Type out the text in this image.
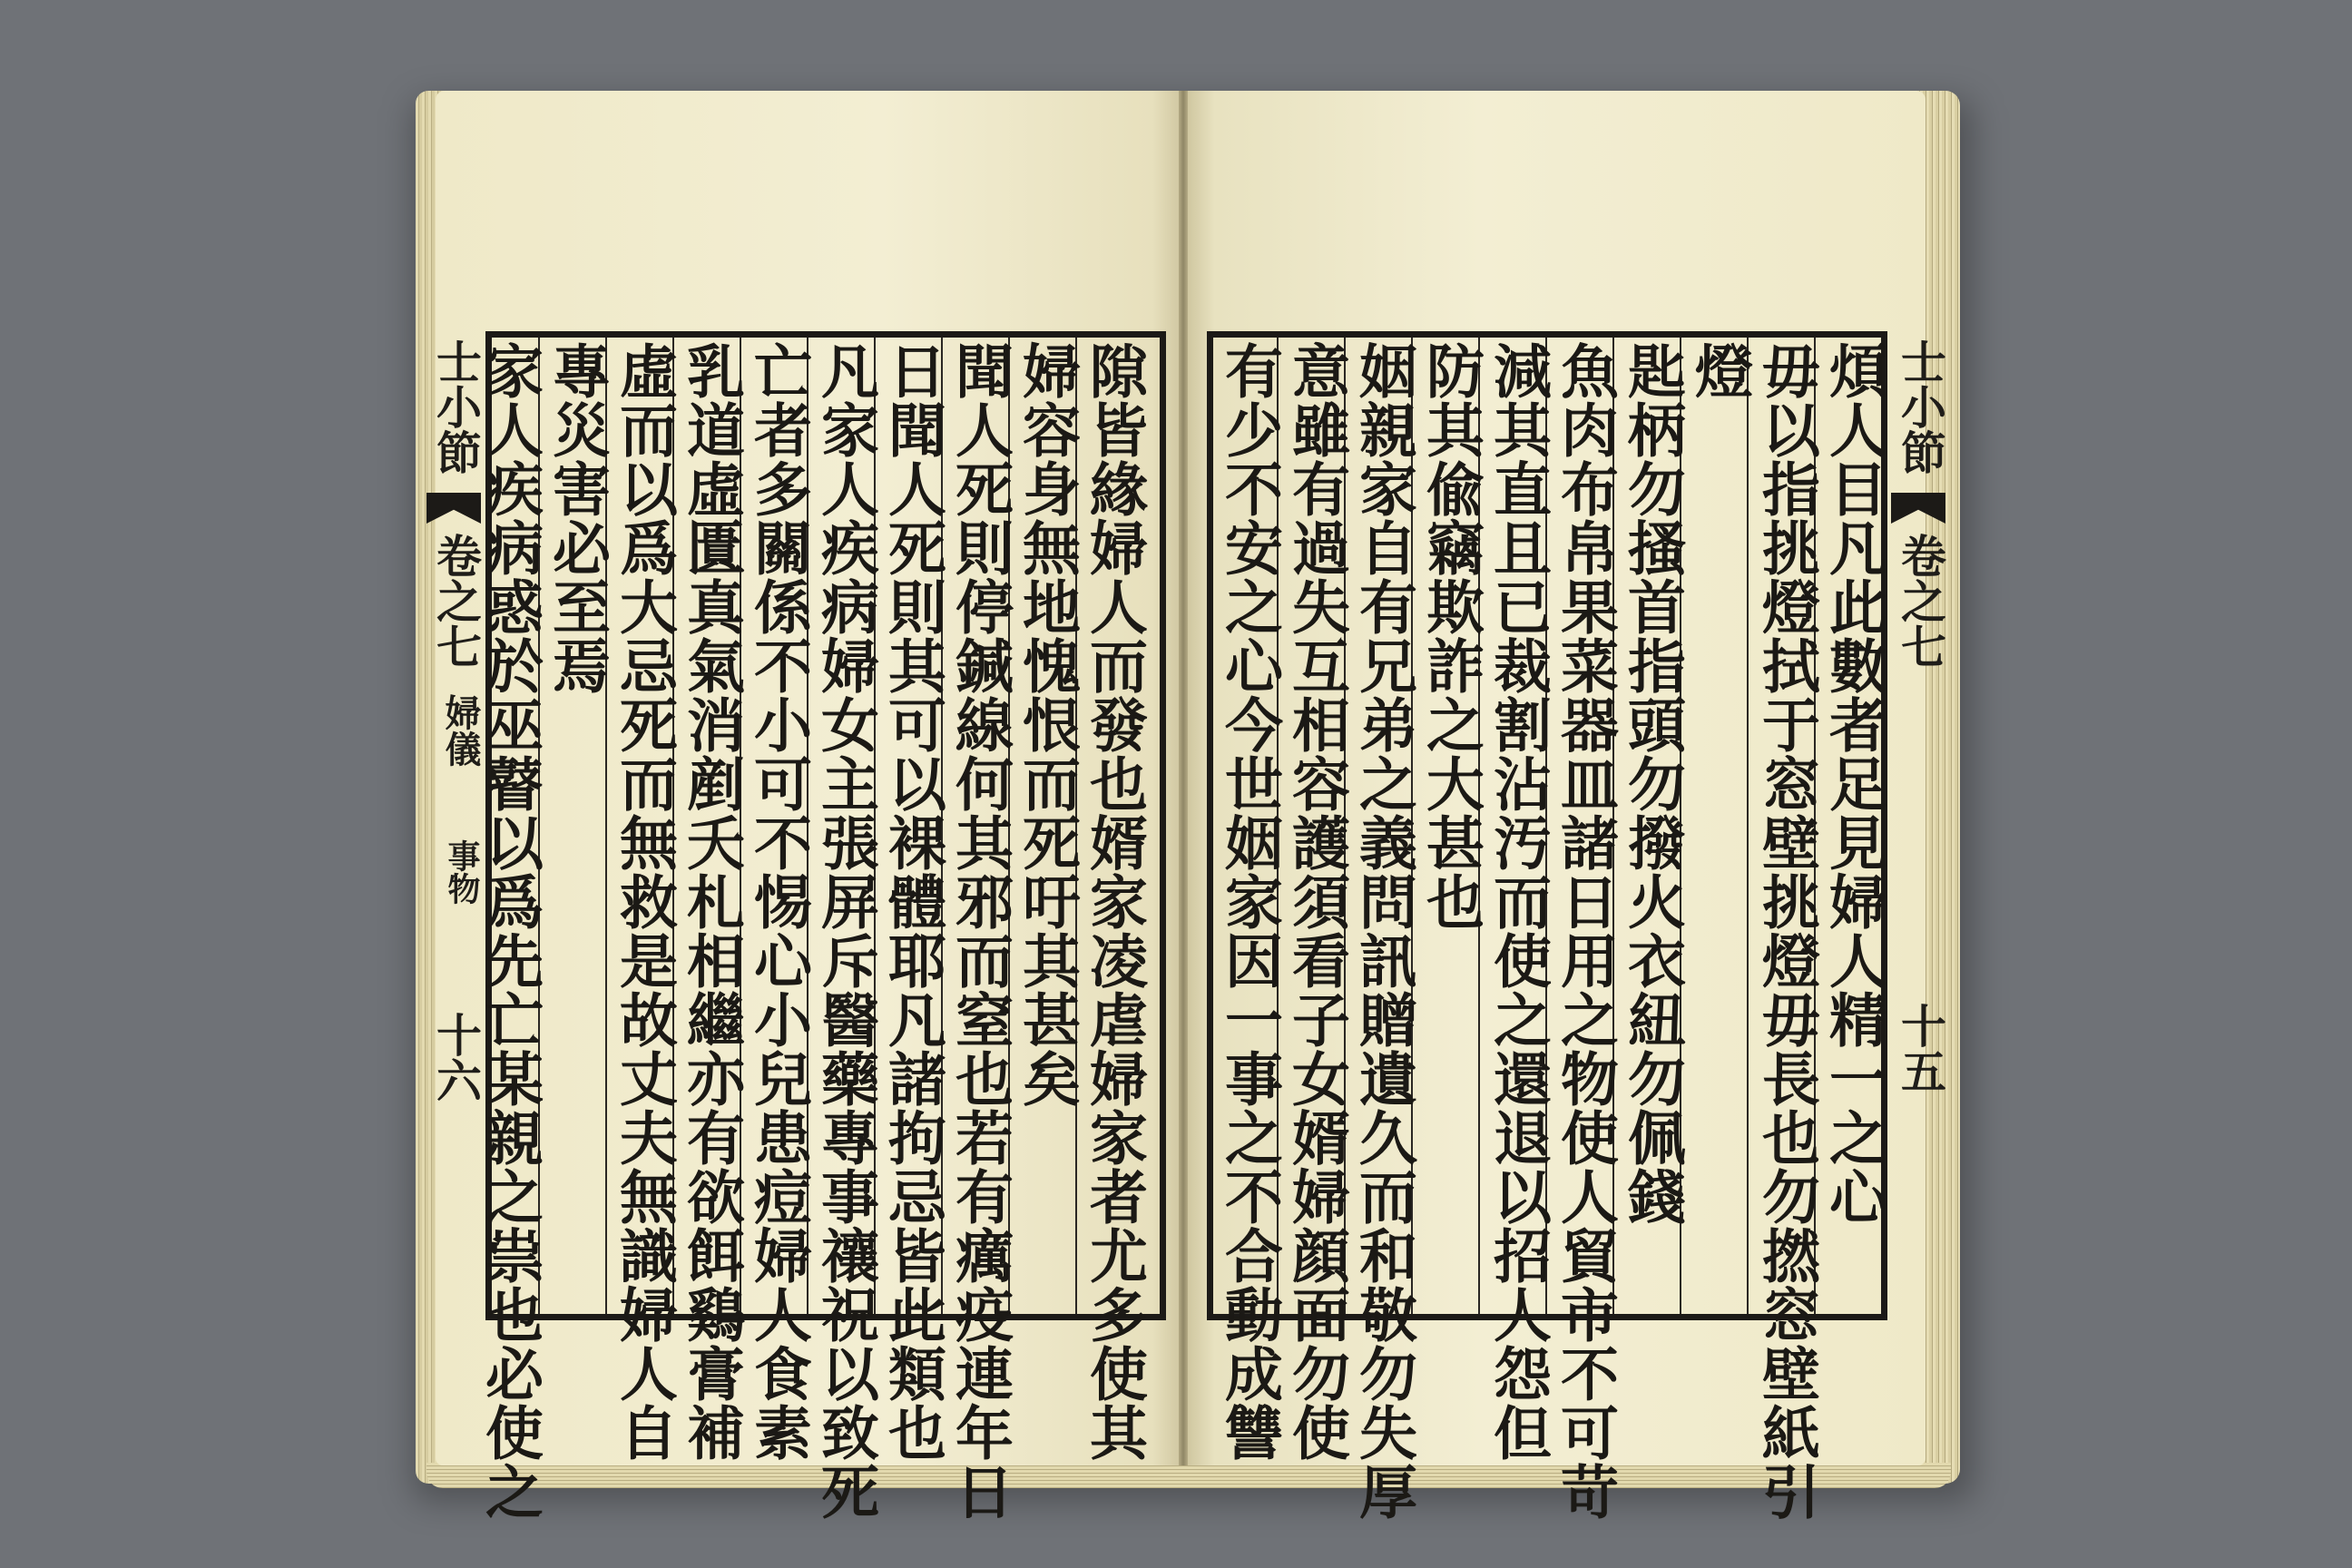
士小節
卷之七
婦儀
事物
十六	隙皆緣婦人而發也婿家凌虐婦家者尤多使其
婦容身無地愧恨而死吁其甚矣
聞人死則停鍼線何其邪而窒也若有癘疫連年日
日聞人死則其可以裸體耶凡諸拘忌皆此類也
凡家人疾病婦女主張屏斥醫藥專事禳祝以致死
亡者多關係不小可不惕心小兒患痘婦人食素
乳道虛匱真氣消剷夭札相繼亦有欲餌鷄膏補
虛而以爲大忌死而無救是故丈夫無識婦人自
專災害必至焉
家人疾病惑於巫瞽以爲先亡某親之祟也必使之	煩人目凡此數者足見婦人精一之心
毋以指挑燈拭于窓壁挑燈毋長也勿撚窓壁紙引
燈
匙柄勿搔首指頭勿撥火衣紐勿佩錢
魚肉布帛果菜器皿諸日用之物使人貿市不可苛
減其直且已裁割沾汚而使之還退以招人怨但
防其偸竊欺詐之大甚也
姻親家自有兄弟之義問訊贈遺久而和敬勿失厚
意雖有過失互相容護須看子女婿婦顔面勿使
有少不安之心今世姻家因一事之不合動成讐	士小節
卷之七
十五
